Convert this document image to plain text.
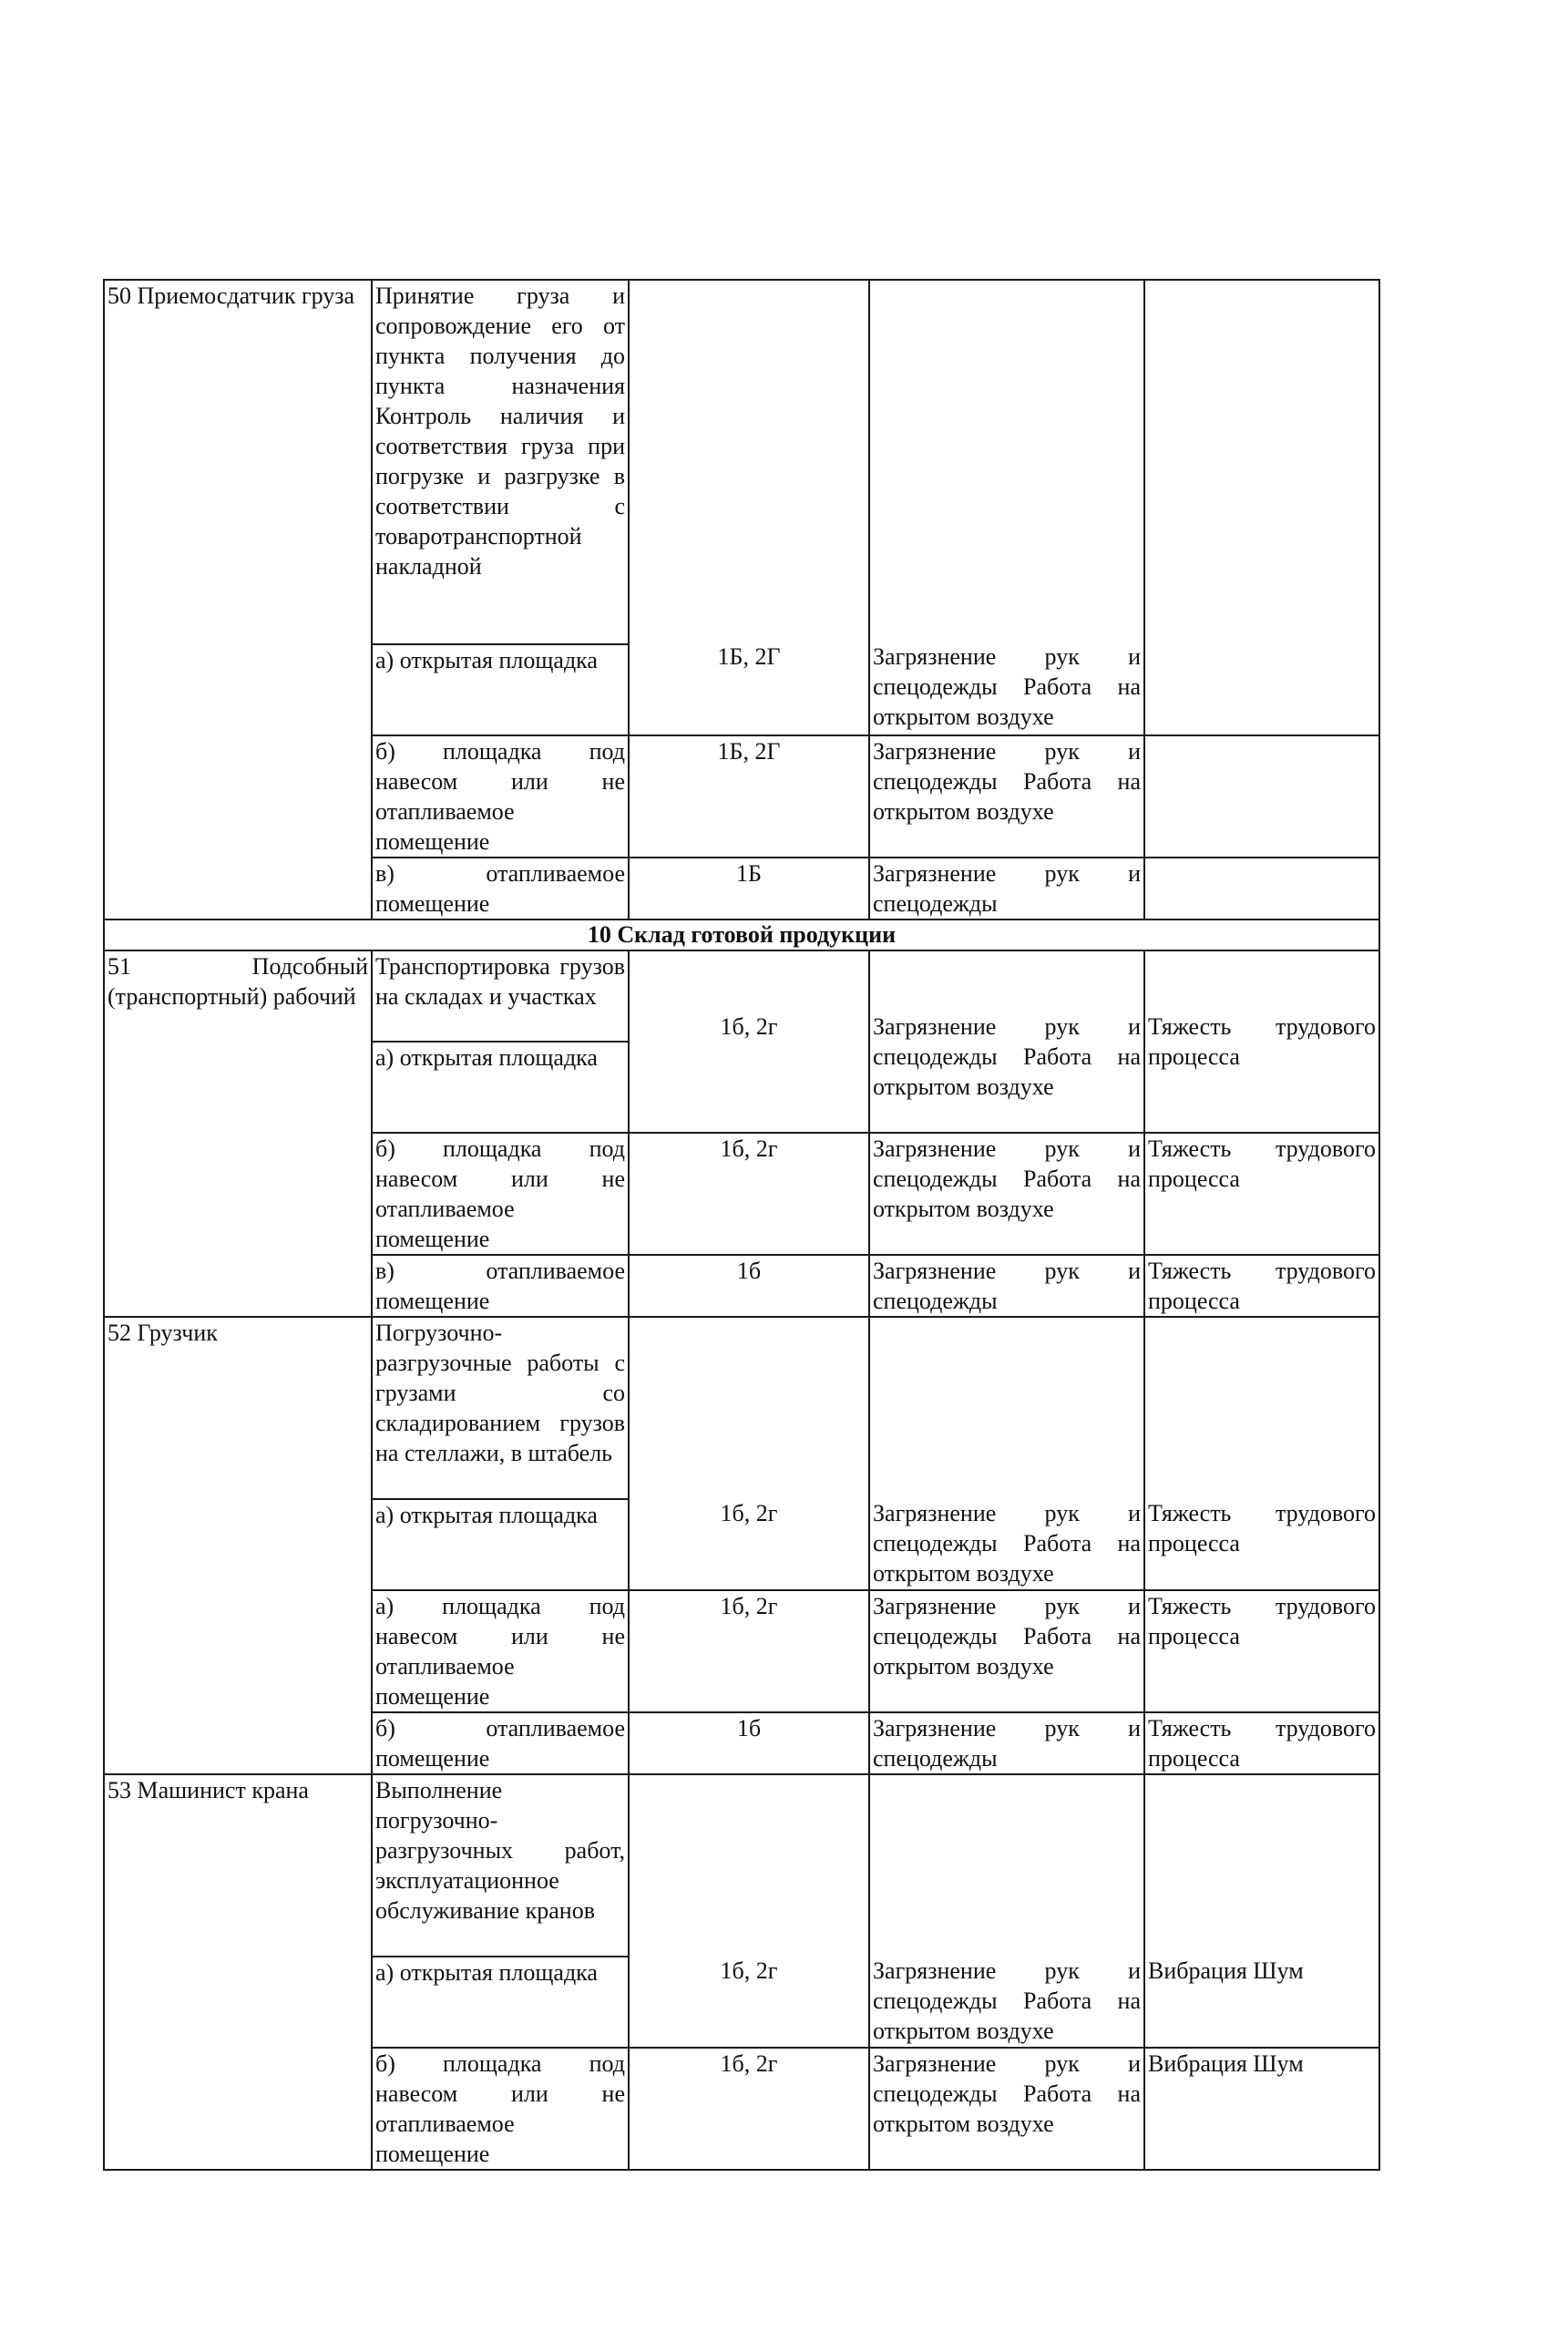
50 Приемосдатчик груза	Принятие груза и сопровождение его от пункта получения до пункта назначения Контроль наличия и соответствия груза при погрузке и разгрузке в соответствии с товаротранспортной накладной	1Б, 2Г	Загрязнение рук и спецодежды Работа на открытом воздухе	
	а) открытая площадка			
	б) площадка под навесом или не отапливаемое помещение	1Б, 2Г	Загрязнение рук и спецодежды Работа на открытом воздухе	
	в) отапливаемое помещение	1Б	Загрязнение рук и спецодежды	
10 Склад готовой продукции				
51 Подсобный (транспортный) рабочий	Транспортировка грузов на складах и участках	1б, 2г	Загрязнение рук и спецодежды Работа на открытом воздухе	Тяжесть трудового процесса
	а) открытая площадка			
	б) площадка под навесом или не отапливаемое помещение	1б, 2г	Загрязнение рук и спецодежды Работа на открытом воздухе	Тяжесть трудового процесса
	в) отапливаемое помещение	1б	Загрязнение рук и спецодежды	Тяжесть трудового процесса
52 Грузчик	Погрузочно-разгрузочные работы с грузами со складированием грузов на стеллажи, в штабель	1б, 2г	Загрязнение рук и спецодежды Работа на открытом воздухе	Тяжесть трудового процесса
	а) открытая площадка			
	а) площадка под навесом или не отапливаемое помещение	1б, 2г	Загрязнение рук и спецодежды Работа на открытом воздухе	Тяжесть трудового процесса
	б) отапливаемое помещение	1б	Загрязнение рук и спецодежды	Тяжесть трудового процесса
53 Машинист крана	Выполнение погрузочно-разгрузочных работ, эксплуатационное обслуживание кранов	1б, 2г	Загрязнение рук и спецодежды Работа на открытом воздухе	Вибрация Шум
	а) открытая площадка			
	б) площадка под навесом или не отапливаемое помещение	1б, 2г	Загрязнение рук и спецодежды Работа на открытом воздухе	Вибрация Шум
